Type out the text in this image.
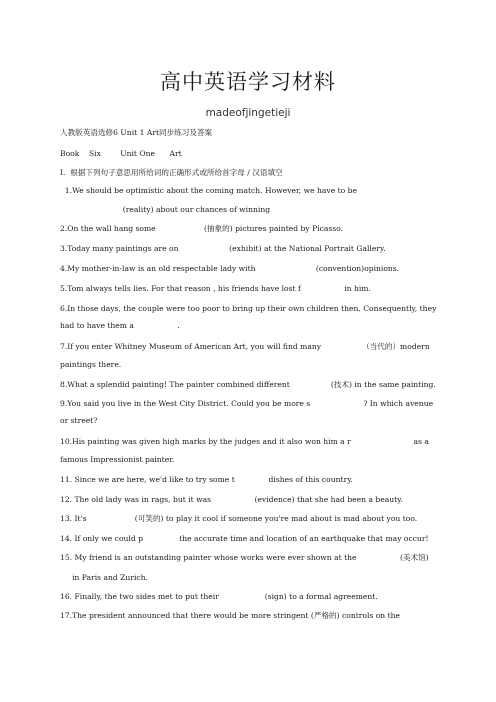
高中英语学习材料
madeofjingetieji
人教版英语选修6 Unit 1 Art同步练习及答案
Book    Six        Unit One      Art
I.  根据下列句子意思用所给词的正确形式或所给首字母 / 汉语填空
1.We should be optimistic about the coming match. However, we have to be
(reality) about our chances of winning
2.On the wall hang some                    (抽象的) pictures painted by Picasso.
3.Today many paintings are on                     (exhibit) at the National Portrait Gallery.
4.My mother-in-law is an old respectable lady with                         (convention)opinions.
5.Tom always tells lies. For that reason , his friends have lost f                  in him.
6.In those days, the couple were too poor to bring up their own children then. Consequently, they
had to have them a                  .
7.If you enter Whitney Museum of American Art, you will find many                 （当代的）modern
paintings there.
8.What a splendid painting! The painter combined different                 (技术) in the same painting.
9.You said you live in the West City District. Could you be more s                      ? In which avenue
or street?
10.His painting was given high marks by the judges and it also won him a r                          as a
famous Impressionist painter.
11. Since we are here, we'd like to try some t              dishes of this country.
12. The old lady was in rags, but it was                  (evidence) that she had been a beauty.
13. It's                    (可笑的) to play it cool if someone you're mad about is mad about you too.
14. If only we could p               the accurate time and location of an earthquake that may occur!
15. My friend is an outstanding painter whose works were ever shown at the                  (美术馆)
in Paris and Zurich.
16. Finally, the two sides met to put their                   (sign) to a formal agreement.
17.The president announced that there would be more stringent (严格的) controls on the
